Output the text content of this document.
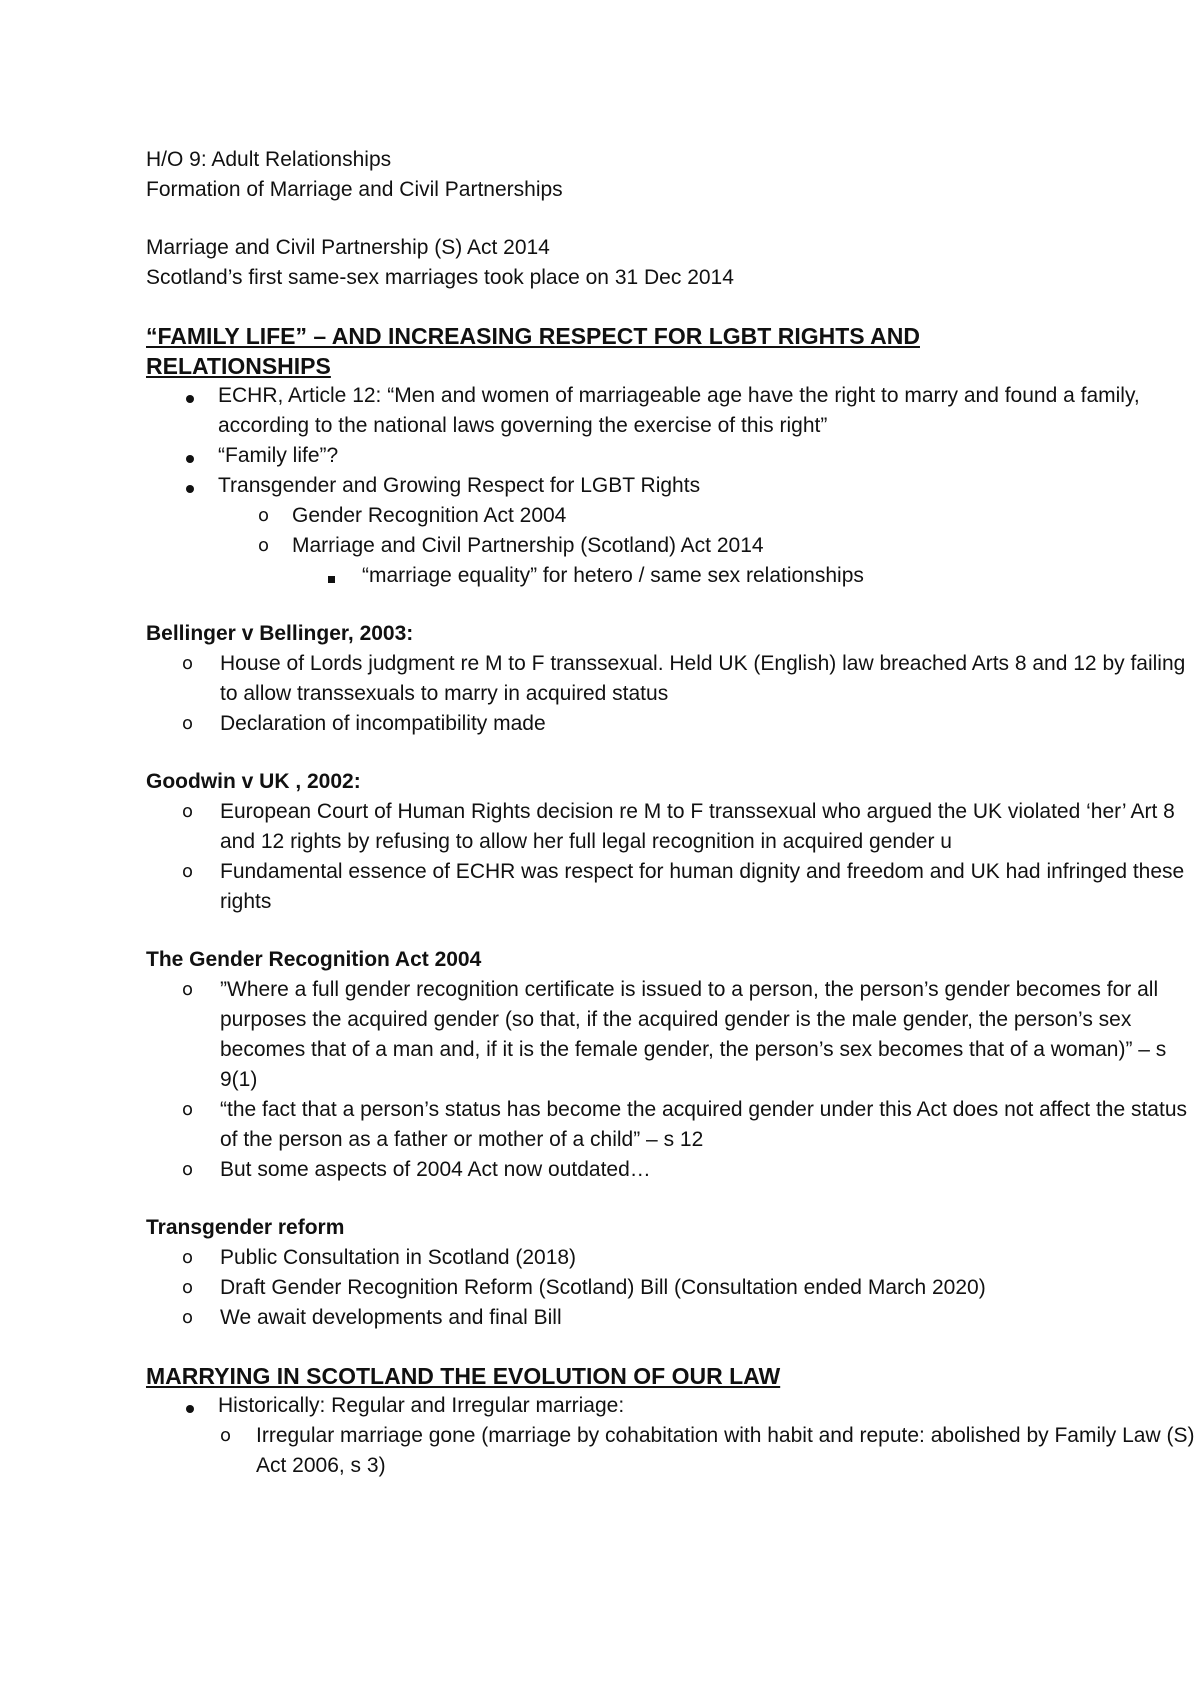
H/O 9: Adult Relationships

Formation of Marriage and Civil Partnerships

Marriage and Civil Partnership (S) Act 2014

Scotland’s first same-sex marriages took place on 31 Dec 2014

“FAMILY LIFE” – AND INCREASING RESPECT FOR LGBT RIGHTS AND RELATIONSHIPS
ECHR, Article 12: “Men and women of marriageable age have the right to marry and found a family, according to the national laws governing the exercise of this right”
“Family life”?
Transgender and Growing Respect for LGBT Rights
o Gender Recognition Act 2004
o Marriage and Civil Partnership (Scotland) Act 2014
“marriage equality” for hetero / same sex relationships

Bellinger v Bellinger, 2003:

o House of Lords judgment re M to F transsexual. Held UK (English) law breached Arts 8 and 12 by failing to allow transsexuals to marry in acquired status
o Declaration of incompatibility made

Goodwin v UK , 2002:

o European Court of Human Rights decision re M to F transsexual who argued the UK violated ‘her’ Art 8 and 12 rights by refusing to allow her full legal recognition in acquired gender u
o Fundamental essence of ECHR was respect for human dignity and freedom and UK had infringed these rights

The Gender Recognition Act 2004

o ”Where a full gender recognition certificate is issued to a person, the person’s gender becomes for all purposes the acquired gender (so that, if the acquired gender is the male gender, the person’s sex becomes that of a man and, if it is the female gender, the person’s sex becomes that of a woman)” – s 9(1)
o “the fact that a person’s status has become the acquired gender under this Act does not affect the status of the person as a father or mother of a child” – s 12
o But some aspects of 2004 Act now outdated…

Transgender reform

o Public Consultation in Scotland (2018)
o Draft Gender Recognition Reform (Scotland) Bill (Consultation ended March 2020)
o We await developments and final Bill
MARRYING IN SCOTLAND THE EVOLUTION OF OUR LAW
Historically: Regular and Irregular marriage:
o Irregular marriage gone (marriage by cohabitation with habit and repute: abolished by Family Law (S) Act 2006, s 3)
